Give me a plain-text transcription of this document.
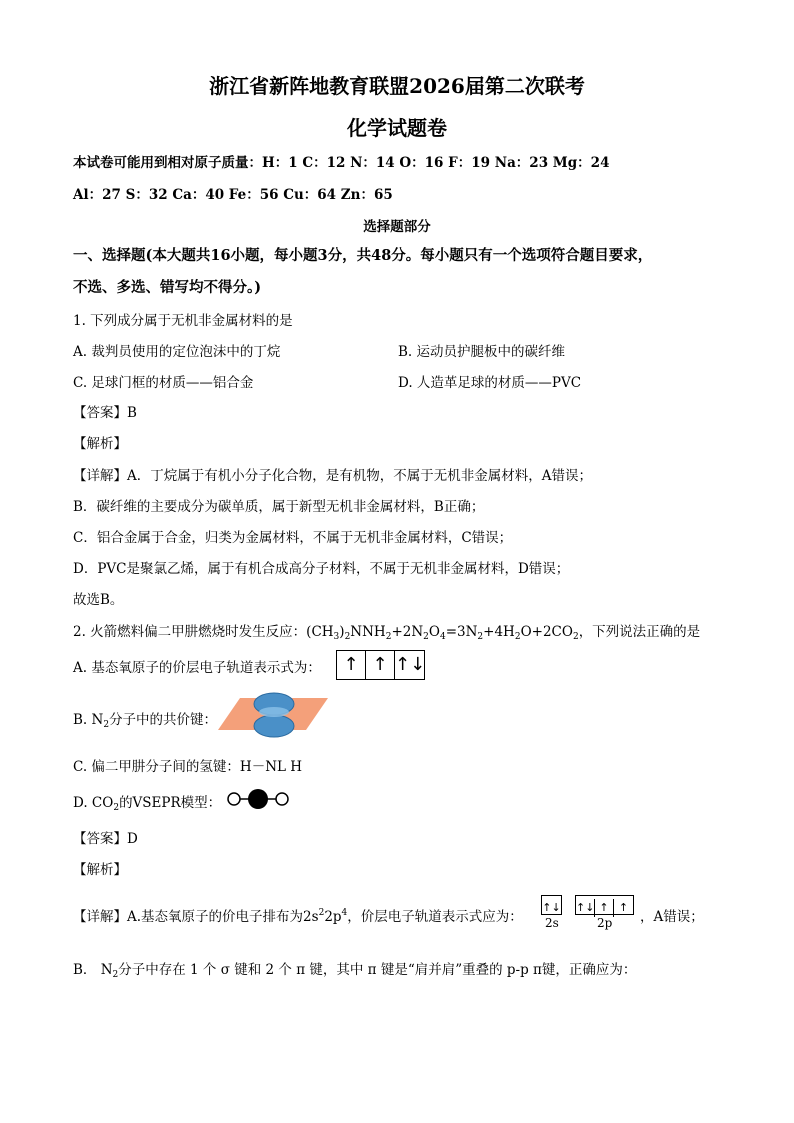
浙江省新阵地教育联盟2026届第二次联考
化学试题卷
本试卷可能用到相对原子质量：H：1 C：12 N：14 O：16 F：19 Na：23 Mg：24
Al：27 S：32 Ca：40 Fe：56 Cu：64 Zn：65
选择题部分
一、选择题(本大题共16小题，每小题3分，共48分。每小题只有一个选项符合题目要求，
不选、多选、错写均不得分。)
1. 下列成分属于无机非金属材料的是
A. 裁判员使用的定位泡沫中的丁烷	B. 运动员护腿板中的碳纤维
C. 足球门框的材质——铝合金	D. 人造革足球的材质——PVC
【答案】B
【解析】
【详解】A．丁烷属于有机小分子化合物，是有机物，不属于无机非金属材料，A错误；
B．碳纤维的主要成分为碳单质，属于新型无机非金属材料，B正确；
C．铝合金属于合金，归类为金属材料，不属于无机非金属材料，C错误；
D．PVC是聚氯乙烯，属于有机合成高分子材料，不属于无机非金属材料，D错误；
故选B。
2. 火箭燃料偏二甲肼燃烧时发生反应：$(CH_3)_2NNH_2+2N_2O_4=3N_2+4H_2O+2CO_2$，下列说法正确的是
A. 基态氧原子的价层电子轨道表示式为：	↑ ↑ ↑↓
B. $N_2$分子中的共价键：
C. 偏二甲肼分子间的氢键：H－NL H
D. $CO_2$的VSEPR模型：
【答案】D
【解析】
【详解】A.基态氧原子的价电子排布为$2s^22p^4$，价层电子轨道表示式应为：
↑↓
2s
↑↓ ↑ ↑
2p ，A错误；
B． $N_2$分子中存在 1 个 σ 键和 2 个 π 键，其中 π 键是“肩并肩”重叠的 p-p π键，正确应为：
